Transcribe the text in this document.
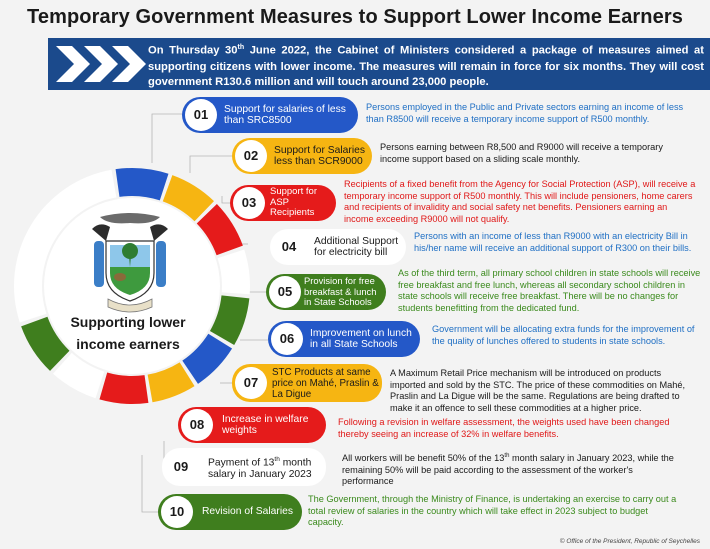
Temporary Government Measures to Support Lower Income Earners
On Thursday 30th June 2022, the Cabinet of Ministers considered a package of measures aimed at supporting citizens with lower income. The measures will remain in force for six months. They will cost government R130.6 million and will touch around 23,000 people.
Supporting lower
income earners
01	Support for salaries of less than SRC8500
Persons employed in the Public and Private sectors earning an income of less than R8500 will receive a temporary income support of R500 monthly.
02	Support for Salaries less than SCR9000
Persons earning between R8,500 and R9000 will receive a temporary income support based on a sliding scale monthly.
03
Support for ASP Recipients
Recipients of a fixed benefit from the Agency for Social Protection (ASP), will receive a temporary income support of R500 monthly. This will include pensioners, home carers and recipients of invalidity and social safety net benefits. Pensioners earning an income exceeding R9000 will not qualify.
04	Additional Support for electricity bill
Persons with an income of less than R9000 with an electricity Bill in his/her name will receive an additional support of R300 on their bills.
05
Provision for free breakfast & lunch in State Schools
As of the third term, all primary school children in state schools will receive free breakfast and free lunch, whereas all secondary school children in state schools will receive free breakfast. There will be no changes for students benefitting from the dedicated fund.
06	Improvement on lunch in all State Schools
Government will be allocating extra funds for the improvement of the quality of lunches offered to students in state schools.
07
STC Products at same price on Mahé, Praslin & La Digue
A Maximum Retail Price mechanism will be introduced on products imported and sold by the STC. The price of these commodities on Mahé, Praslin and La Digue will be the same. Regulations are being drafted to make it an offence to sell these commodities at a higher price.
08	Increase in welfare weights
Following a revision in welfare assessment, the weights used have been changed thereby seeing an increase of 32% in welfare benefits.
09	Payment of 13th month salary in January 2023
All workers will be benefit 50% of the 13th month salary in January 2023, while the remaining 50% will be paid according to the assessment of the worker's performance
10	Revision of Salaries
The Government, through the Ministry of Finance, is undertaking an exercise to carry out a total review of salaries in the country which will take effect in 2023 subject to budget capacity.
© Office of the President, Republic of Seychelles
